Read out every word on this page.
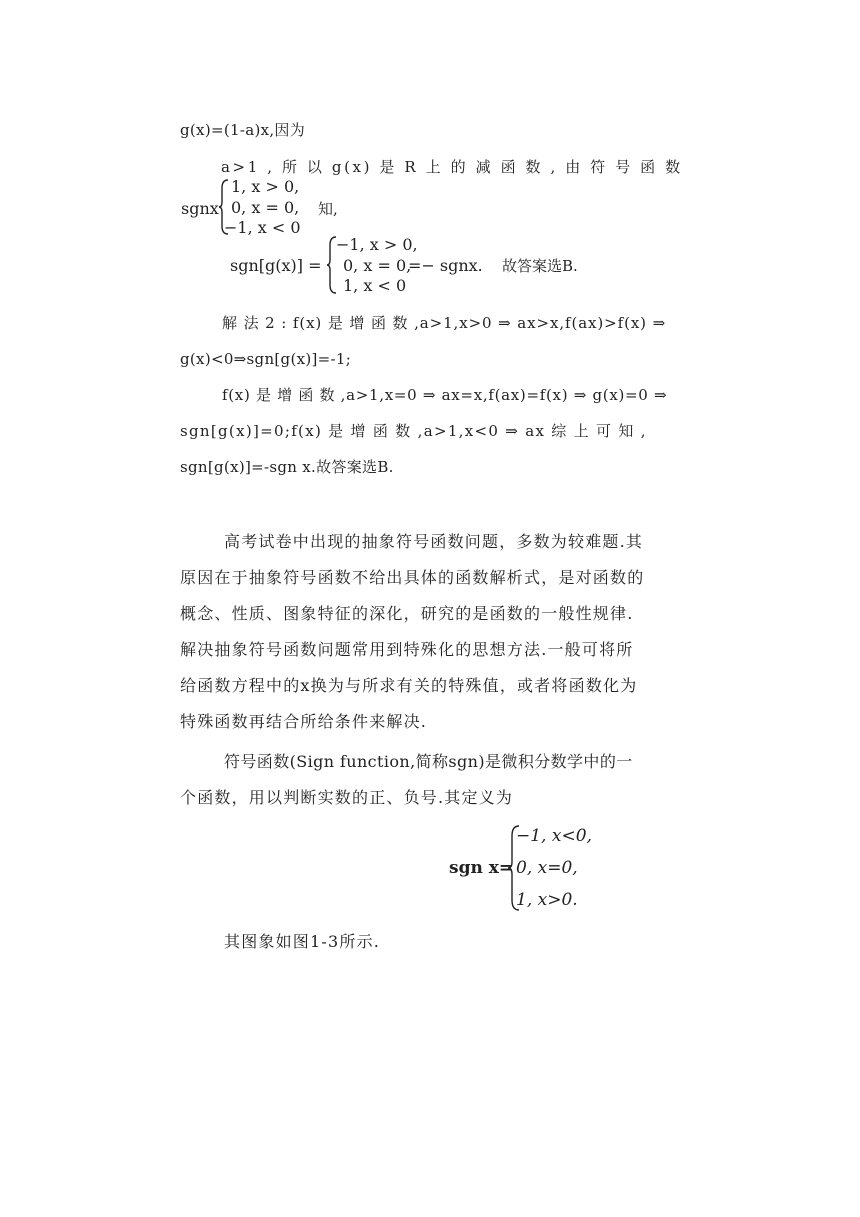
g(x)=(1-a)x,因为
a>1 , 所 以 g(x) 是 R 上 的 减 函 数 , 由 符 号 函 数
sgnx
1, x > 0,
0, x = 0,
−1, x < 0
知,
sgn[g(x)] =
−1, x > 0,
0, x = 0,
1, x < 0
=− sgnx. 故答案选B.
解 法 2 : f(x) 是 增 函 数 ,a>1,x>0 ⇒ ax>x,f(ax)>f(x) ⇒
g(x)<0⇒sgn[g(x)]=-1;
f(x) 是 增 函 数 ,a>1,x=0 ⇒ ax=x,f(ax)=f(x) ⇒ g(x)=0 ⇒
sgn[g(x)]=0;f(x) 是 增 函 数 ,a>1,x<0 ⇒ ax 综 上 可 知 ,
sgn[g(x)]=-sgn x.故答案选B.
高考试卷中出现的抽象符号函数问题，多数为较难题.其
原因在于抽象符号函数不给出具体的函数解析式，是对函数的
概念、性质、图象特征的深化，研究的是函数的一般性规律.
解决抽象符号函数问题常用到特殊化的思想方法.一般可将所
给函数方程中的x换为与所求有关的特殊值，或者将函数化为
特殊函数再结合所给条件来解决.
符号函数(Sign function,简称sgn)是微积分数学中的一
个函数，用以判断实数的正、负号.其定义为
sgn x=
−1, x<0,
0, x=0,
1, x>0.
其图象如图1-3所示.
